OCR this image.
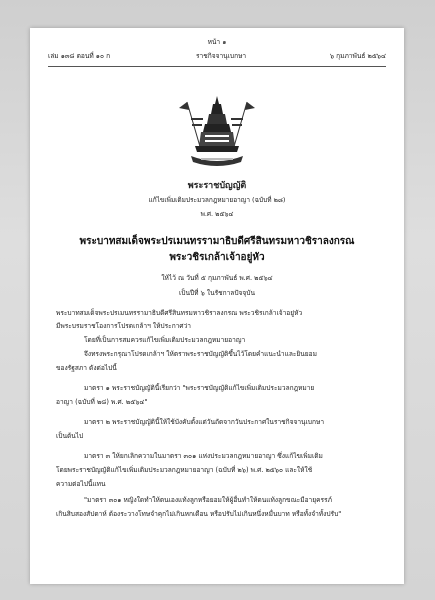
หน้า ๑
เล่ม ๑๓๘ ตอนที่ ๑๐ ก	ราชกิจจานุเบกษา	๖ กุมภาพันธ์ ๒๕๖๔
พระราชบัญญัติ
แก้ไขเพิ่มเติมประมวลกฎหมายอาญา (ฉบับที่ ๒๘)
พ.ศ. ๒๕๖๔
พระบาทสมเด็จพระปรเมนทรรามาธิบดีศรีสินทรมหาวชิราลงกรณ
พระวชิรเกล้าเจ้าอยู่หัว
ให้ไว้ ณ วันที่ ๕ กุมภาพันธ์ พ.ศ. ๒๕๖๔
เป็นปีที่ ๖ ในรัชกาลปัจจุบัน
พระบาทสมเด็จพระปรเมนทรรามาธิบดีศรีสินทรมหาวชิราลงกรณ พระวชิรเกล้าเจ้าอยู่หัว
มีพระบรมราชโองการโปรดเกล้าฯ ให้ประกาศว่า
โดยที่เป็นการสมควรแก้ไขเพิ่มเติมประมวลกฎหมายอาญา
จึงทรงพระกรุณาโปรดเกล้าฯ ให้ตราพระราชบัญญัติขึ้นไว้โดยคำแนะนำและยินยอม
ของรัฐสภา ดังต่อไปนี้
มาตรา ๑ พระราชบัญญัตินี้เรียกว่า "พระราชบัญญัติแก้ไขเพิ่มเติมประมวลกฎหมาย
อาญา (ฉบับที่ ๒๘) พ.ศ. ๒๕๖๔"
มาตรา ๒ พระราชบัญญัตินี้ให้ใช้บังคับตั้งแต่วันถัดจากวันประกาศในราชกิจจานุเบกษา
เป็นต้นไป
มาตรา ๓ ให้ยกเลิกความในมาตรา ๓๐๑ แห่งประมวลกฎหมายอาญา ซึ่งแก้ไขเพิ่มเติม
โดยพระราชบัญญัติแก้ไขเพิ่มเติมประมวลกฎหมายอาญา (ฉบับที่ ๒๖) พ.ศ. ๒๕๖๐ และให้ใช้
ความต่อไปนี้แทน
"มาตรา ๓๐๑ หญิงใดทำให้ตนเองแท้งลูกหรือยอมให้ผู้อื่นทำให้ตนแท้งลูกขณะมีอายุครรภ์
เกินสิบสองสัปดาห์ ต้องระวางโทษจำคุกไม่เกินหกเดือน หรือปรับไม่เกินหนึ่งหมื่นบาท หรือทั้งจำทั้งปรับ"
